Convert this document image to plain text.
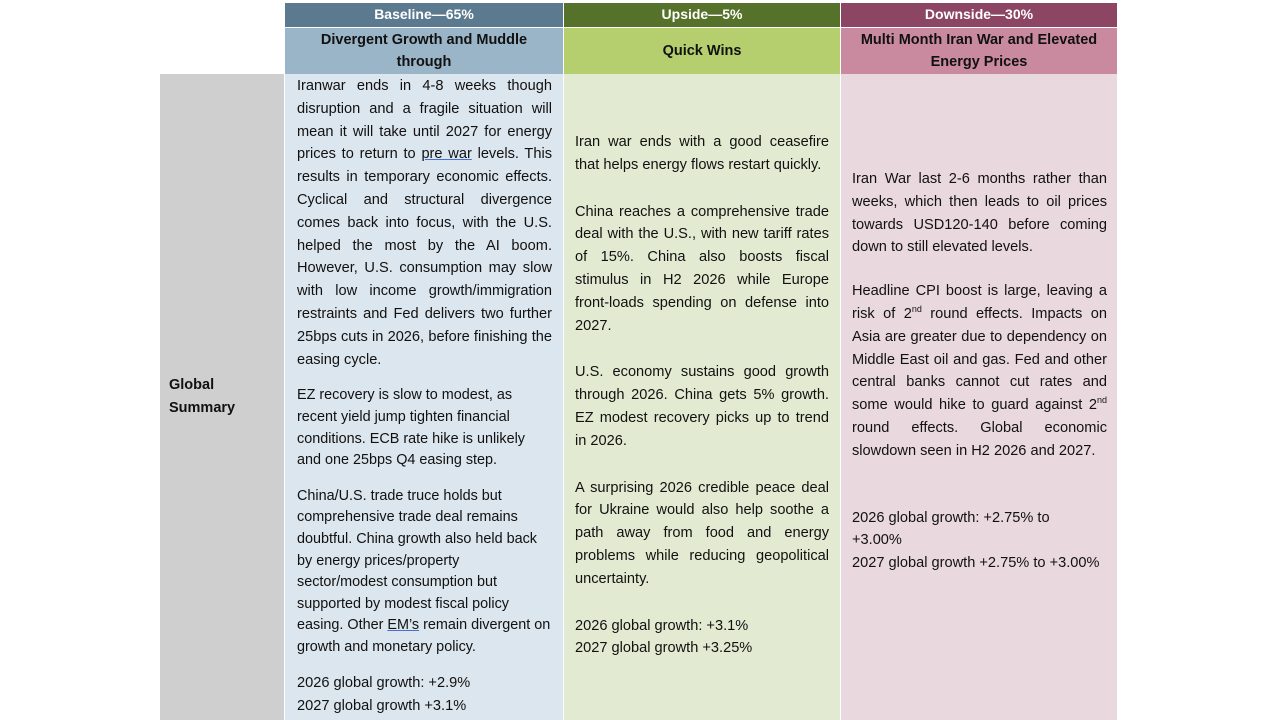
Baseline—65%	Upside—5%	Downside—30%
Divergent Growth and Muddle through
Quick Wins
Multi Month Iran War and Elevated Energy Prices
Global Summary

Iranwar ends in 4-8 weeks though disruption and a fragile situation will mean it will take until 2027 for energy prices to return to pre war levels. This results in temporary economic effects. Cyclical and structural divergence comes back into focus, with the U.S. helped the most by the AI boom. However, U.S. consumption may slow with low income growth/immigration restraints and Fed delivers two further 25bps cuts in 2026, before finishing the easing cycle.

EZ recovery is slow to modest, as recent yield jump tighten financial conditions. ECB rate hike is unlikely and one 25bps Q4 easing step.

China/U.S. trade truce holds but comprehensive trade deal remains doubtful. China growth also held back by energy prices/property sector/modest consumption but supported by modest fiscal policy easing. Other EM’s remain divergent on growth and monetary policy.

2026 global growth: +2.9%
2027 global growth +3.1%

Iran war ends with a good ceasefire that helps energy flows restart quickly.

China reaches a comprehensive trade deal with the U.S., with new tariff rates of 15%. China also boosts fiscal stimulus in H2 2026 while Europe front-loads spending on defense into 2027.

U.S. economy sustains good growth through 2026. China gets 5% growth. EZ modest recovery picks up to trend in 2026.

A surprising 2026 credible peace deal for Ukraine would also help soothe a path away from food and energy problems while reducing geopolitical uncertainty.

2026 global growth: +3.1%
2027 global growth +3.25%

Iran War last 2-6 months rather than weeks, which then leads to oil prices towards USD120-140 before coming down to still elevated levels.

Headline CPI boost is large, leaving a risk of 2nd round effects. Impacts on Asia are greater due to dependency on Middle East oil and gas. Fed and other central banks cannot cut rates and some would hike to guard against 2nd round effects. Global economic slowdown seen in H2 2026 and 2027.

2026 global growth: +2.75% to +3.00%
2027 global growth +2.75% to +3.00%
